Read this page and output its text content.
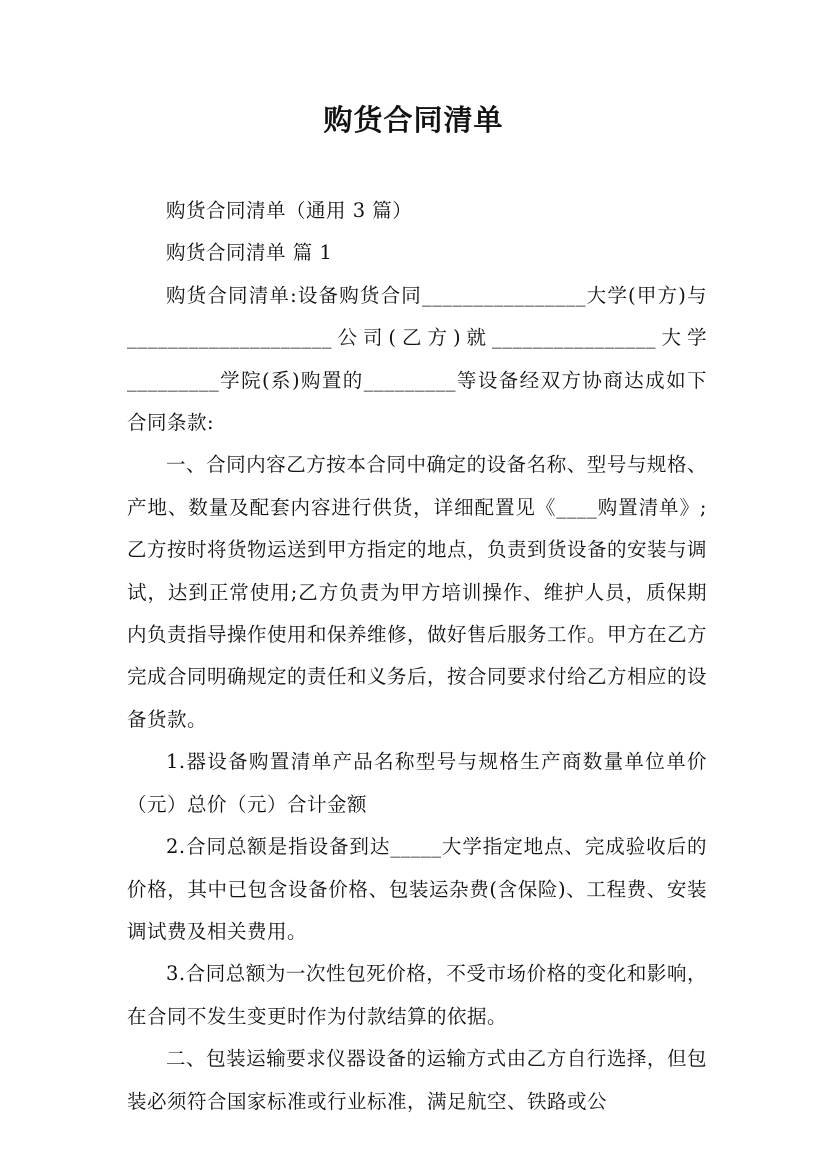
购货合同清单

购货合同清单（通用 3 篇）

购货合同清单 篇 1

购货合同清单:设备购货合同________________大学(甲方)与____________________公司(乙方)就________________大学_________学院(系)购置的_________等设备经双方协商达成如下合同条款:

一、合同内容乙方按本合同中确定的设备名称、型号与规格、产地、数量及配套内容进行供货，详细配置见《____购置清单》;乙方按时将货物运送到甲方指定的地点，负责到货设备的安装与调试，达到正常使用;乙方负责为甲方培训操作、维护人员，质保期内负责指导操作使用和保养维修，做好售后服务工作。甲方在乙方完成合同明确规定的责任和义务后，按合同要求付给乙方相应的设备货款。

1.器设备购置清单产品名称型号与规格生产商数量单位单价（元）总价（元）合计金额

2.合同总额是指设备到达_____大学指定地点、完成验收后的价格，其中已包含设备价格、包装运杂费(含保险)、工程费、安装调试费及相关费用。

3.合同总额为一次性包死价格，不受市场价格的变化和影响，在合同不发生变更时作为付款结算的依据。

二、包装运输要求仪器设备的运输方式由乙方自行选择，但包装必须符合国家标准或行业标准，满足航空、铁路或公
